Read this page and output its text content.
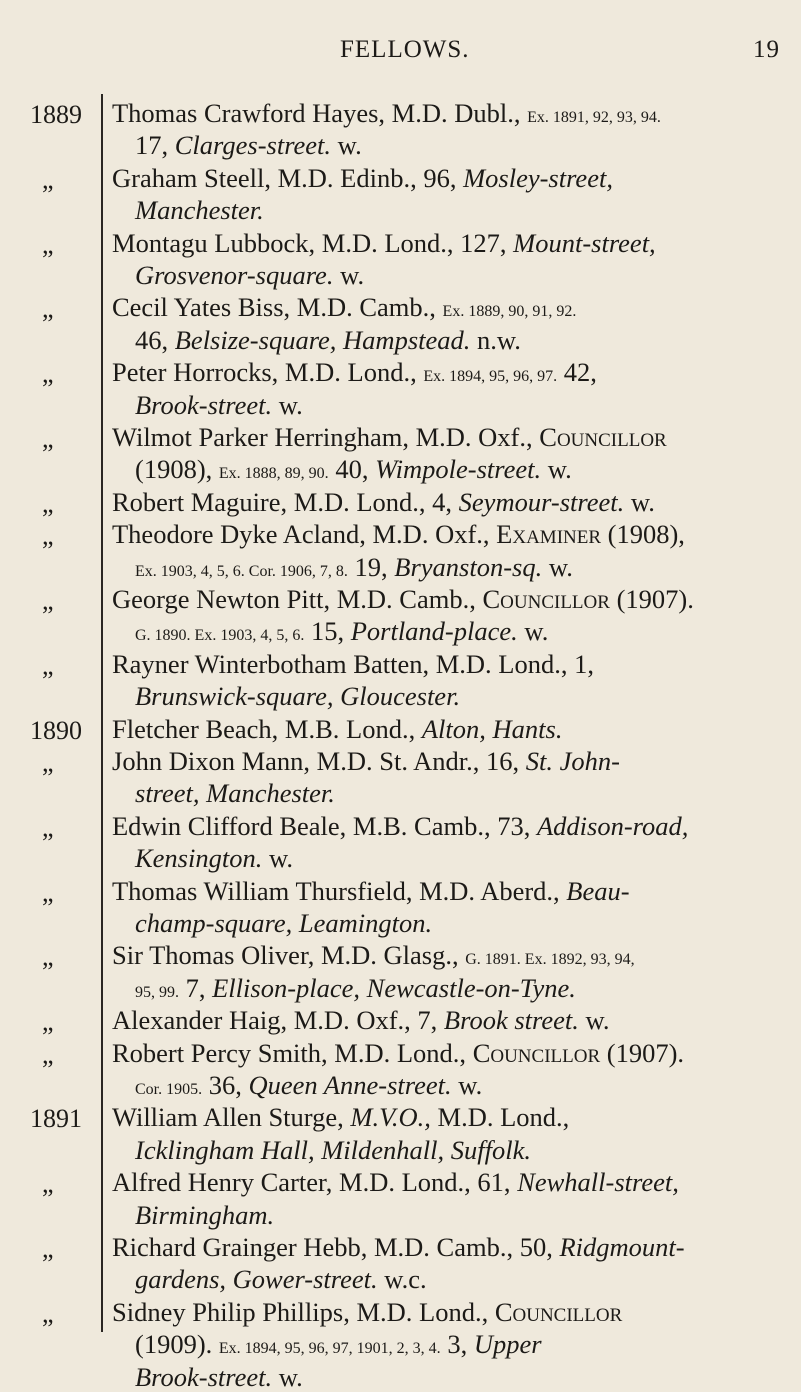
FELLOWS.	19
1889	Thomas Crawford Hayes, M.D. Dubl., Ex. 1891, 92, 93, 94.
17, Clarges-street. w.
„	Graham Steell, M.D. Edinb., 96, Mosley-street,
Manchester.
„	Montagu Lubbock, M.D. Lond., 127, Mount-street,
Grosvenor-square. w.
„	Cecil Yates Biss, M.D. Camb., Ex. 1889, 90, 91, 92.
46, Belsize-square, Hampstead. n.w.
„	Peter Horrocks, M.D. Lond., Ex. 1894, 95, 96, 97. 42,
Brook-street. w.
„	Wilmot Parker Herringham, M.D. Oxf., Councillor
(1908), Ex. 1888, 89, 90. 40, Wimpole-street. w.
„	Robert Maguire, M.D. Lond., 4, Seymour-street. w.
„	Theodore Dyke Acland, M.D. Oxf., Examiner (1908),
Ex. 1903, 4, 5, 6. Cor. 1906, 7, 8. 19, Bryanston-sq. w.
„	George Newton Pitt, M.D. Camb., Councillor (1907).
G. 1890. Ex. 1903, 4, 5, 6. 15, Portland-place. w.
„	Rayner Winterbotham Batten, M.D. Lond., 1,
Brunswick-square, Gloucester.
1890	Fletcher Beach, M.B. Lond., Alton, Hants.
„	John Dixon Mann, M.D. St. Andr., 16, St. John-
street, Manchester.
„	Edwin Clifford Beale, M.B. Camb., 73, Addison-road,
Kensington. w.
„	Thomas William Thursfield, M.D. Aberd., Beau-
champ-square, Leamington.
„	Sir Thomas Oliver, M.D. Glasg., G. 1891. Ex. 1892, 93, 94,
95, 99. 7, Ellison-place, Newcastle-on-Tyne.
„	Alexander Haig, M.D. Oxf., 7, Brook street. w.
„	Robert Percy Smith, M.D. Lond., Councillor (1907).
Cor. 1905. 36, Queen Anne-street. w.
1891	William Allen Sturge, M.V.O., M.D. Lond.,
Icklingham Hall, Mildenhall, Suffolk.
„	Alfred Henry Carter, M.D. Lond., 61, Newhall-street,
Birmingham.
„	Richard Grainger Hebb, M.D. Camb., 50, Ridgmount-
gardens, Gower-street. w.c.
„	Sidney Philip Phillips, M.D. Lond., Councillor
(1909). Ex. 1894, 95, 96, 97, 1901, 2, 3, 4. 3, Upper
Brook-street. w.
